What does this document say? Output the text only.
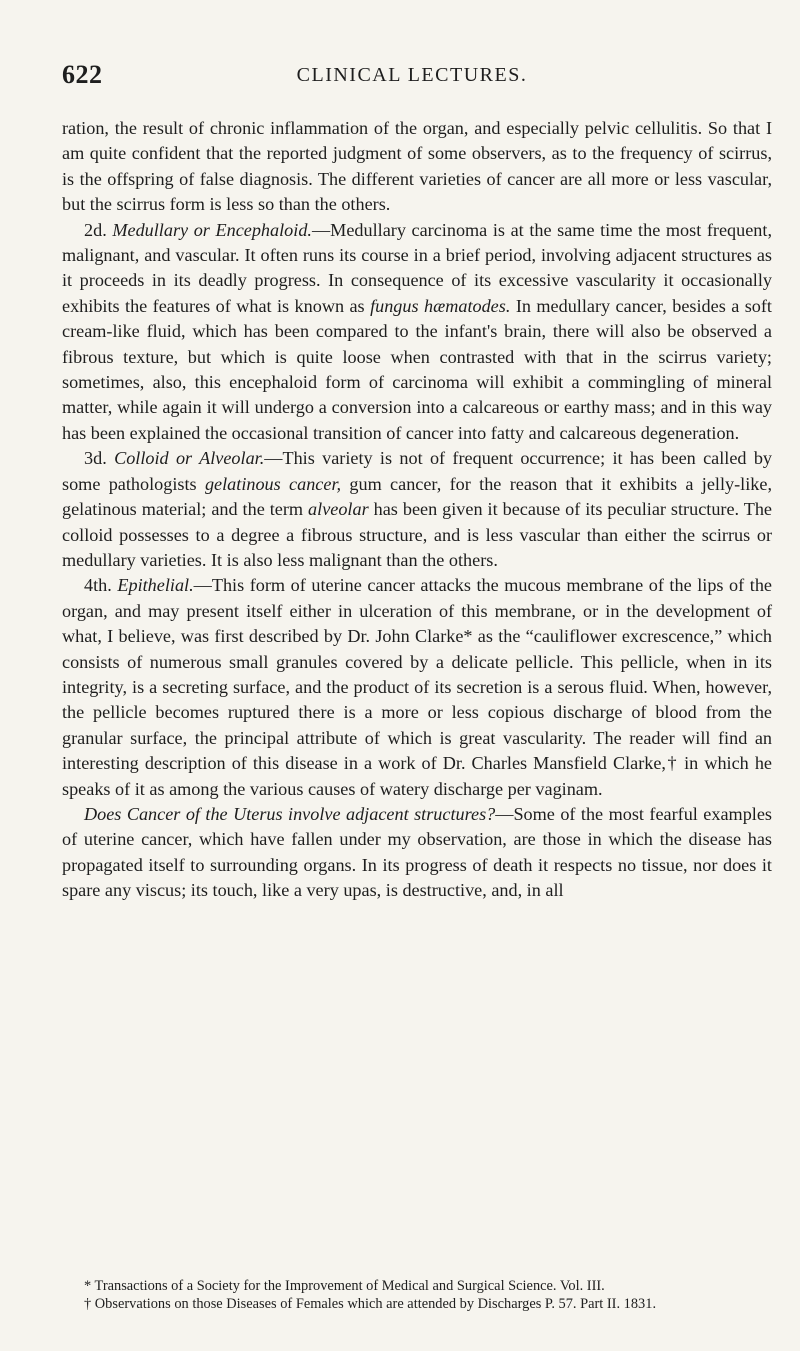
622	CLINICAL LECTURES.

ration, the result of chronic inflammation of the organ, and especially pelvic cellulitis. So that I am quite confident that the reported judgment of some observers, as to the frequency of scirrus, is the offspring of false diagnosis. The different varieties of cancer are all more or less vascular, but the scirrus form is less so than the others.

2d. Medullary or Encephaloid.—Medullary carcinoma is at the same time the most frequent, malignant, and vascular. It often runs its course in a brief period, involving adjacent structures as it proceeds in its deadly progress. In consequence of its excessive vascularity it occasionally exhibits the features of what is known as fungus hæmatodes. In medullary cancer, besides a soft cream-like fluid, which has been compared to the infant's brain, there will also be observed a fibrous texture, but which is quite loose when contrasted with that in the scirrus variety; sometimes, also, this encephaloid form of carcinoma will exhibit a commingling of mineral matter, while again it will undergo a conversion into a calcareous or earthy mass; and in this way has been explained the occasional transition of cancer into fatty and calcareous degeneration.

3d. Colloid or Alveolar.—This variety is not of frequent occurrence; it has been called by some pathologists gelatinous cancer, gum cancer, for the reason that it exhibits a jelly-like, gelatinous material; and the term alveolar has been given it because of its peculiar structure. The colloid possesses to a degree a fibrous structure, and is less vascular than either the scirrus or medullary varieties. It is also less malignant than the others.

4th. Epithelial.—This form of uterine cancer attacks the mucous membrane of the lips of the organ, and may present itself either in ulceration of this membrane, or in the development of what, I believe, was first described by Dr. John Clarke* as the “cauliflower excrescence,” which consists of numerous small granules covered by a delicate pellicle. This pellicle, when in its integrity, is a secreting surface, and the product of its secretion is a serous fluid. When, however, the pellicle becomes ruptured there is a more or less copious discharge of blood from the granular surface, the principal attribute of which is great vascularity. The reader will find an interesting description of this disease in a work of Dr. Charles Mansfield Clarke,† in which he speaks of it as among the various causes of watery discharge per vaginam.

Does Cancer of the Uterus involve adjacent structures?—Some of the most fearful examples of uterine cancer, which have fallen under my observation, are those in which the disease has propagated itself to surrounding organs. In its progress of death it respects no tissue, nor does it spare any viscus; its touch, like a very upas, is destructive, and, in all

* Transactions of a Society for the Improvement of Medical and Surgical Science. Vol. III.

† Observations on those Diseases of Females which are attended by Discharges P. 57. Part II. 1831.
